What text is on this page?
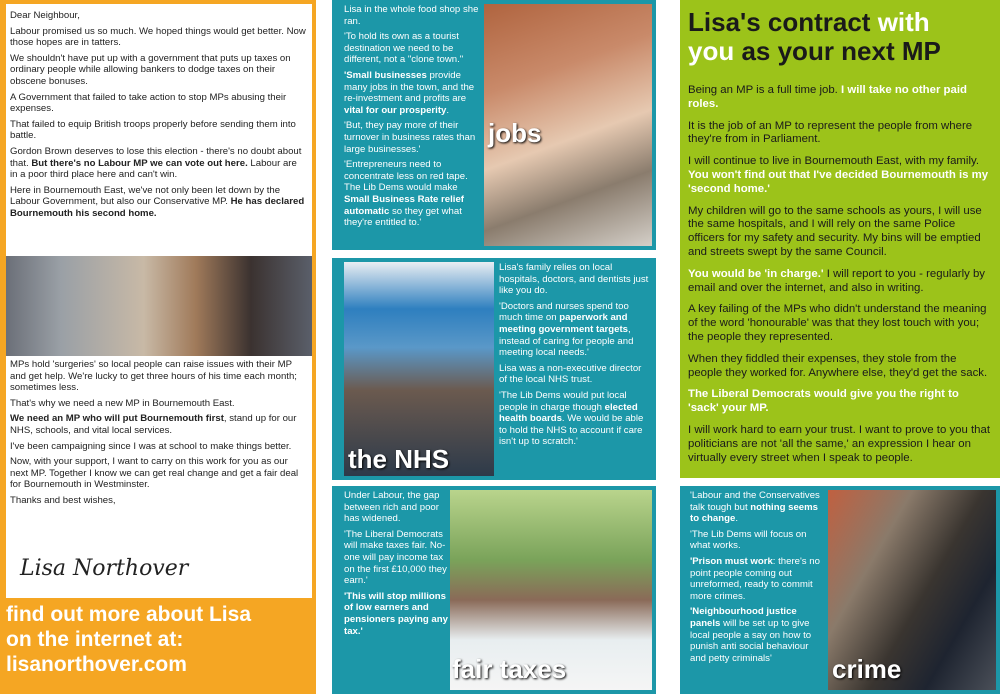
Dear Neighbour,

Labour promised us so much. We hoped things would get better. Now those hopes are in tatters.

We shouldn't have put up with a government that puts up taxes on ordinary people while allowing bankers to dodge taxes on their obscene bonuses.

A Government that failed to take action to stop MPs abusing their expenses.

That failed to equip British troops properly before sending them into battle.

Gordon Brown deserves to lose this election - there's no doubt about that. But there's no Labour MP we can vote out here. Labour are in a poor third place here and can't win.

Here in Bournemouth East, we've not only been let down by the Labour Government, but also our Conservative MP. He has declared Bournemouth his second home.

MPs hold 'surgeries' so local people can raise issues with their MP and get help. We're lucky to get three hours of his time each month; sometimes less.

That's why we need a new MP in Bournemouth East.

We need an MP who will put Bournemouth first, stand up for our NHS, schools, and vital local services.

I've been campaigning since I was at school to make things better.

Now, with your support, I want to carry on this work for you as our next MP. Together I know we can get real change and get a fair deal for Bournemouth in Westminster.

Thanks and best wishes,

Lisa Northover
find out more about Lisa
on the internet at:
lisanorthover.com

Lisa in the whole food shop she ran.

'To hold its own as a tourist destination we need to be different, not a "clone town."

'Small businesses provide many jobs in the town, and the re-investment and profits are vital for our prosperity.

'But, they pay more of their turnover in business rates than large businesses.'

'Entrepreneurs need to concentrate less on red tape. The Lib Dems would make Small Business Rate relief automatic so they get what they're entitled to.'

jobs
the NHS

Lisa's family relies on local hospitals, doctors, and dentists just like you do.

'Doctors and nurses spend too much time on paperwork and meeting government targets, instead of caring for people and meeting local needs.'

Lisa was a non-executive director of the local NHS trust.

'The Lib Dems would put local people in charge though elected health boards. We would be able to hold the NHS to account if care isn't up to scratch.'

Under Labour, the gap between rich and poor has widened.

'The Liberal Democrats will make taxes fair. No-one will pay income tax on the first £10,000 they earn.'

'This will stop millions of low earners and pensioners paying any tax.'

fair taxes
Lisa's contract with
you as your next MP

Being an MP is a full time job. I will take no other paid roles.

It is the job of an MP to represent the people from where they're from in Parliament.

I will continue to live in Bournemouth East, with my family. You won't find out that I've decided Bournemouth is my 'second home.'

My children will go to the same schools as yours, I will use the same hospitals, and I will rely on the same Police officers for my safety and security. My bins will be emptied and streets swept by the same Council.

You would be 'in charge.' I will report to you - regularly by email and over the internet, and also in writing.

A key failing of the MPs who didn't understand the meaning of the word 'honourable' was that they lost touch with you; the people they represented.

When they fiddled their expenses, they stole from the people they worked for. Anywhere else, they'd get the sack.

The Liberal Democrats would give you the right to 'sack' your MP.

I will work hard to earn your trust. I want to prove to you that politicians are not 'all the same,' an expression I hear on virtually every street when I speak to people.

'Labour and the Conservatives talk tough but nothing seems to change.

'The Lib Dems will focus on what works.

'Prison must work: there's no point people coming out unreformed, ready to commit more crimes.

'Neighbourhood justice panels will be set up to give local people a say on how to punish anti social behaviour and petty criminals'	crime
